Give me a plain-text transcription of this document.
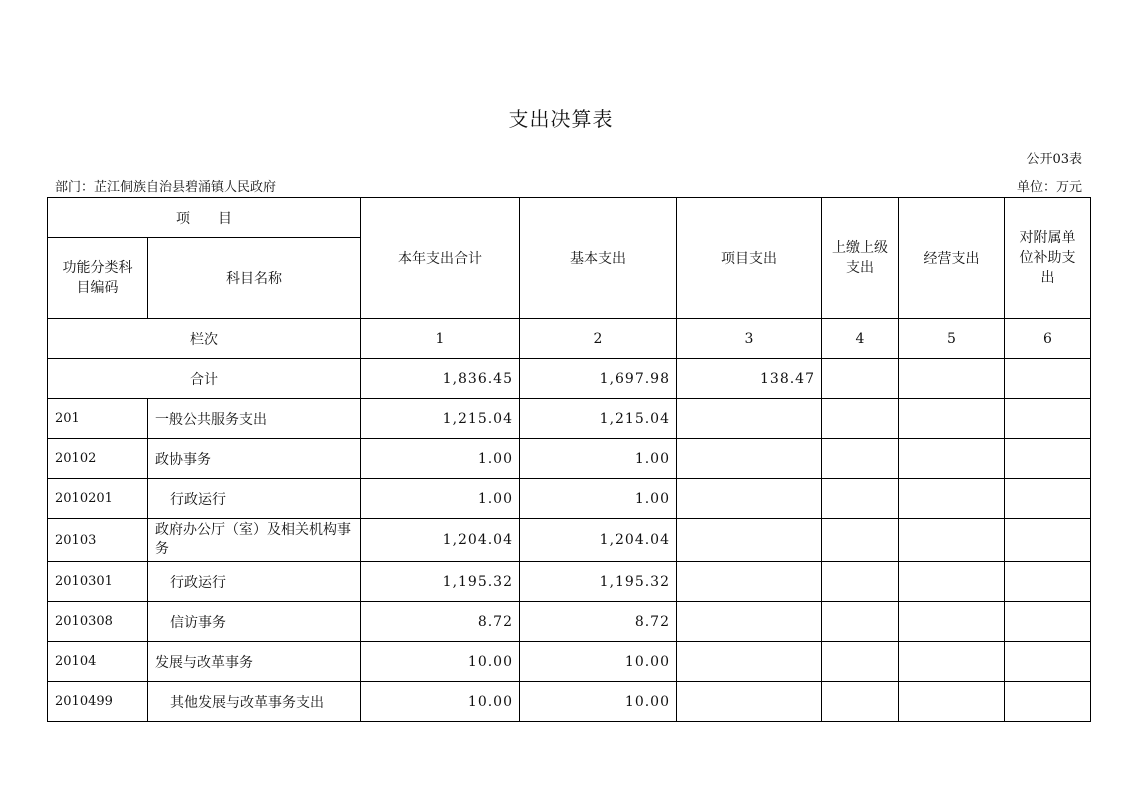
支出决算表
公开03表
部门：芷江侗族自治县碧涌镇人民政府	单位：万元
项　　目		本年支出合计	基本支出	项目支出	上缴上级支出	经营支出	对附属单位补助支出
功能分类科目编码	科目名称						
栏次		1	2	3	4	5	6
合计		1,836.45	1,697.98	138.47			
201	一般公共服务支出	1,215.04	1,215.04				
20102	政协事务	1.00	1.00				
2010201	行政运行	1.00	1.00				
20103	政府办公厅（室）及相关机构事务	1,204.04	1,204.04				
2010301	行政运行	1,195.32	1,195.32				
2010308	信访事务	8.72	8.72				
20104	发展与改革事务	10.00	10.00				
2010499	其他发展与改革事务支出	10.00	10.00				
